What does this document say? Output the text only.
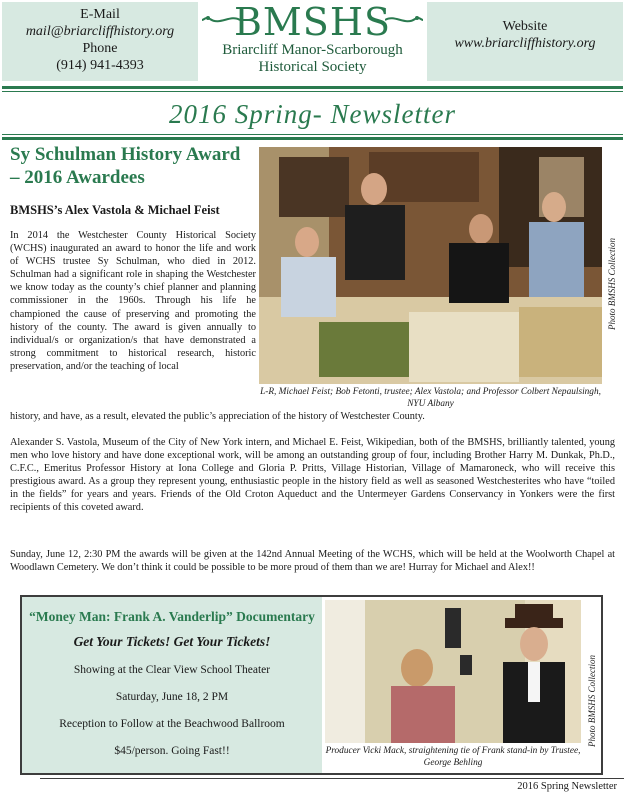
E-Mail
mail@briarcliffhistory.org
Phone
(914) 941-4393
BMSHS
Briarcliff Manor-Scarborough
Historical Society
Website
www.briarcliffhistory.org
2016 Spring- Newsletter
Sy Schulman History Award – 2016 Awardees
BMSHS’s Alex Vastola & Michael Feist
In 2014 the Westchester County Historical Society (WCHS) inaugurated an award to honor the life and work of WCHS trustee Sy Schulman, who died in 2012. Schulman had a significant role in shaping the Westchester we know today as the county’s chief planner and planning commissioner in the 1960s. Through his life he championed the cause of preserving and promoting the history of the county. The award is given annually to individual/s or organization/s that have demonstrated a strong commitment to historical research, historic preservation, and/or the teaching of local
history, and have, as a result, elevated the public’s appreciation of the history of Westchester County.
L-R, Michael Feist; Bob Fetonti, trustee; Alex Vastola; and Professor Colbert Nepaulsingh, NYU Albany
Photo BMSHS Collection
Alexander S. Vastola, Museum of the City of New York intern, and Michael E. Feist, Wikipedian, both of the BMSHS, brilliantly talented, young men who love history and have done exceptional work, will be among an outstanding group of four, including Brother Harry M. Dunkak, Ph.D., C.F.C., Emeritus Professor History at Iona College and Gloria P. Pritts, Village Historian, Village of Mamaroneck, who will receive this prestigious award. As a group they represent young, enthusiastic people in the history field as well as seasoned Westchesterites who have “toiled in the fields” for years and years. Friends of the Old Croton Aqueduct and the Untermeyer Gardens Conservancy in Yonkers were the first recipients of this coveted award.
Sunday, June 12, 2:30 PM the awards will be given at the 142nd Annual Meeting of the WCHS, which will be held at the Woolworth Chapel at Woodlawn Cemetery. We don’t think it could be possible to be more proud of them than we are! Hurray for Michael and Alex!!
“Money Man: Frank A. Vanderlip” Documentary
Get Your Tickets! Get Your Tickets!
Showing at the Clear View School Theater
Saturday, June 18, 2 PM
Reception to Follow at the Beachwood Ballroom
$45/person. Going Fast!!	Producer Vicki Mack, straightening tie of Frank stand-in by Trustee, George Behling
Photo BMSHS Collection
2016 Spring Newsletter
